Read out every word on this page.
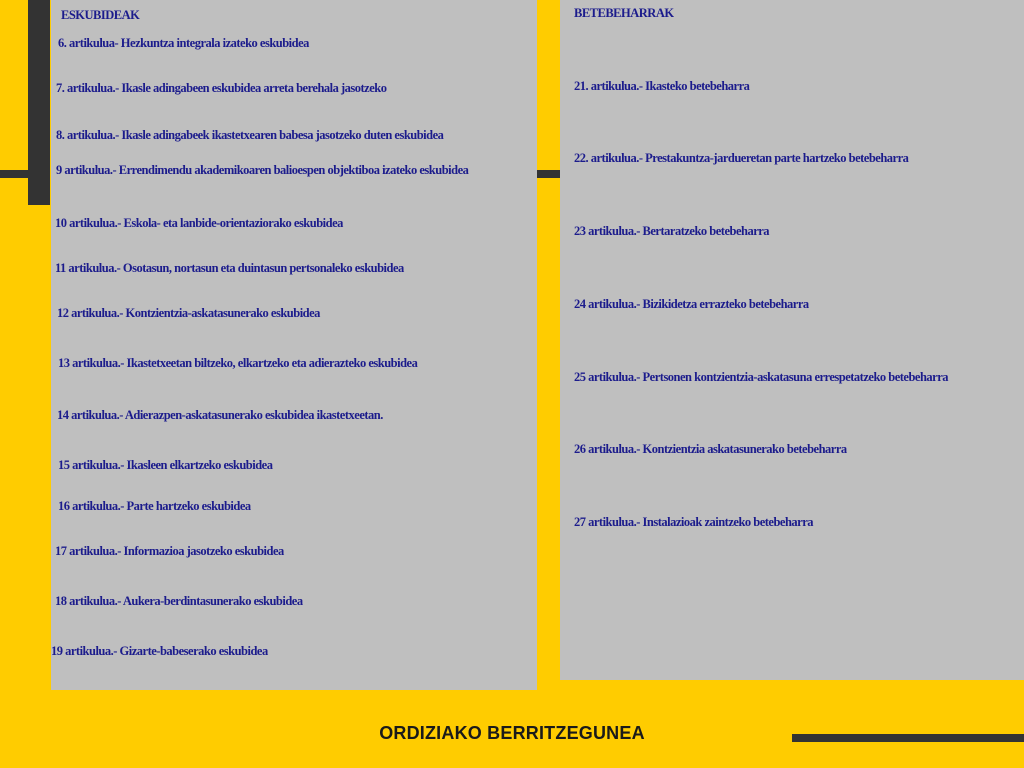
ESKUBIDEAK
6. artikulua- Hezkuntza integrala izateko eskubidea
7. artikulua.- Ikasle adingabeen eskubidea arreta berehala jasotzeko
8. artikulua.- Ikasle adingabeek ikastetxearen babesa jasotzeko duten eskubidea
9 artikulua.- Errendimendu akademikoaren balioespen objektiboa izateko eskubidea
10 artikulua.- Eskola- eta lanbide-orientaziorako eskubidea
11 artikulua.- Osotasun, nortasun eta duintasun pertsonaleko eskubidea
12 artikulua.- Kontzientzia-askatasunerako eskubidea
13 artikulua.- Ikastetxeetan biltzeko, elkartzeko eta adierazteko eskubidea
14 artikulua.- Adierazpen-askatasunerako eskubidea ikastetxeetan.
15 artikulua.- Ikasleen elkartzeko eskubidea
16 artikulua.- Parte hartzeko eskubidea
17 artikulua.- Informazioa jasotzeko eskubidea
18 artikulua.- Aukera-berdintasunerako eskubidea
19 artikulua.- Gizarte-babeserako eskubidea
BETEBEHARRAK
21. artikulua.- Ikasteko betebeharra
22. artikulua.- Prestakuntza-jardueretan parte hartzeko betebeharra
23 artikulua.- Bertaratzeko betebeharra
24 artikulua.- Bizikidetza errazteko betebeharra
25 artikulua.- Pertsonen kontzientzia-askatasuna errespetatzeko betebeharra
26 artikulua.- Kontzientzia askatasunerako betebeharra
27 artikulua.- Instalazioak zaintzeko betebeharra
ORDIZIAKO BERRITZEGUNEA
